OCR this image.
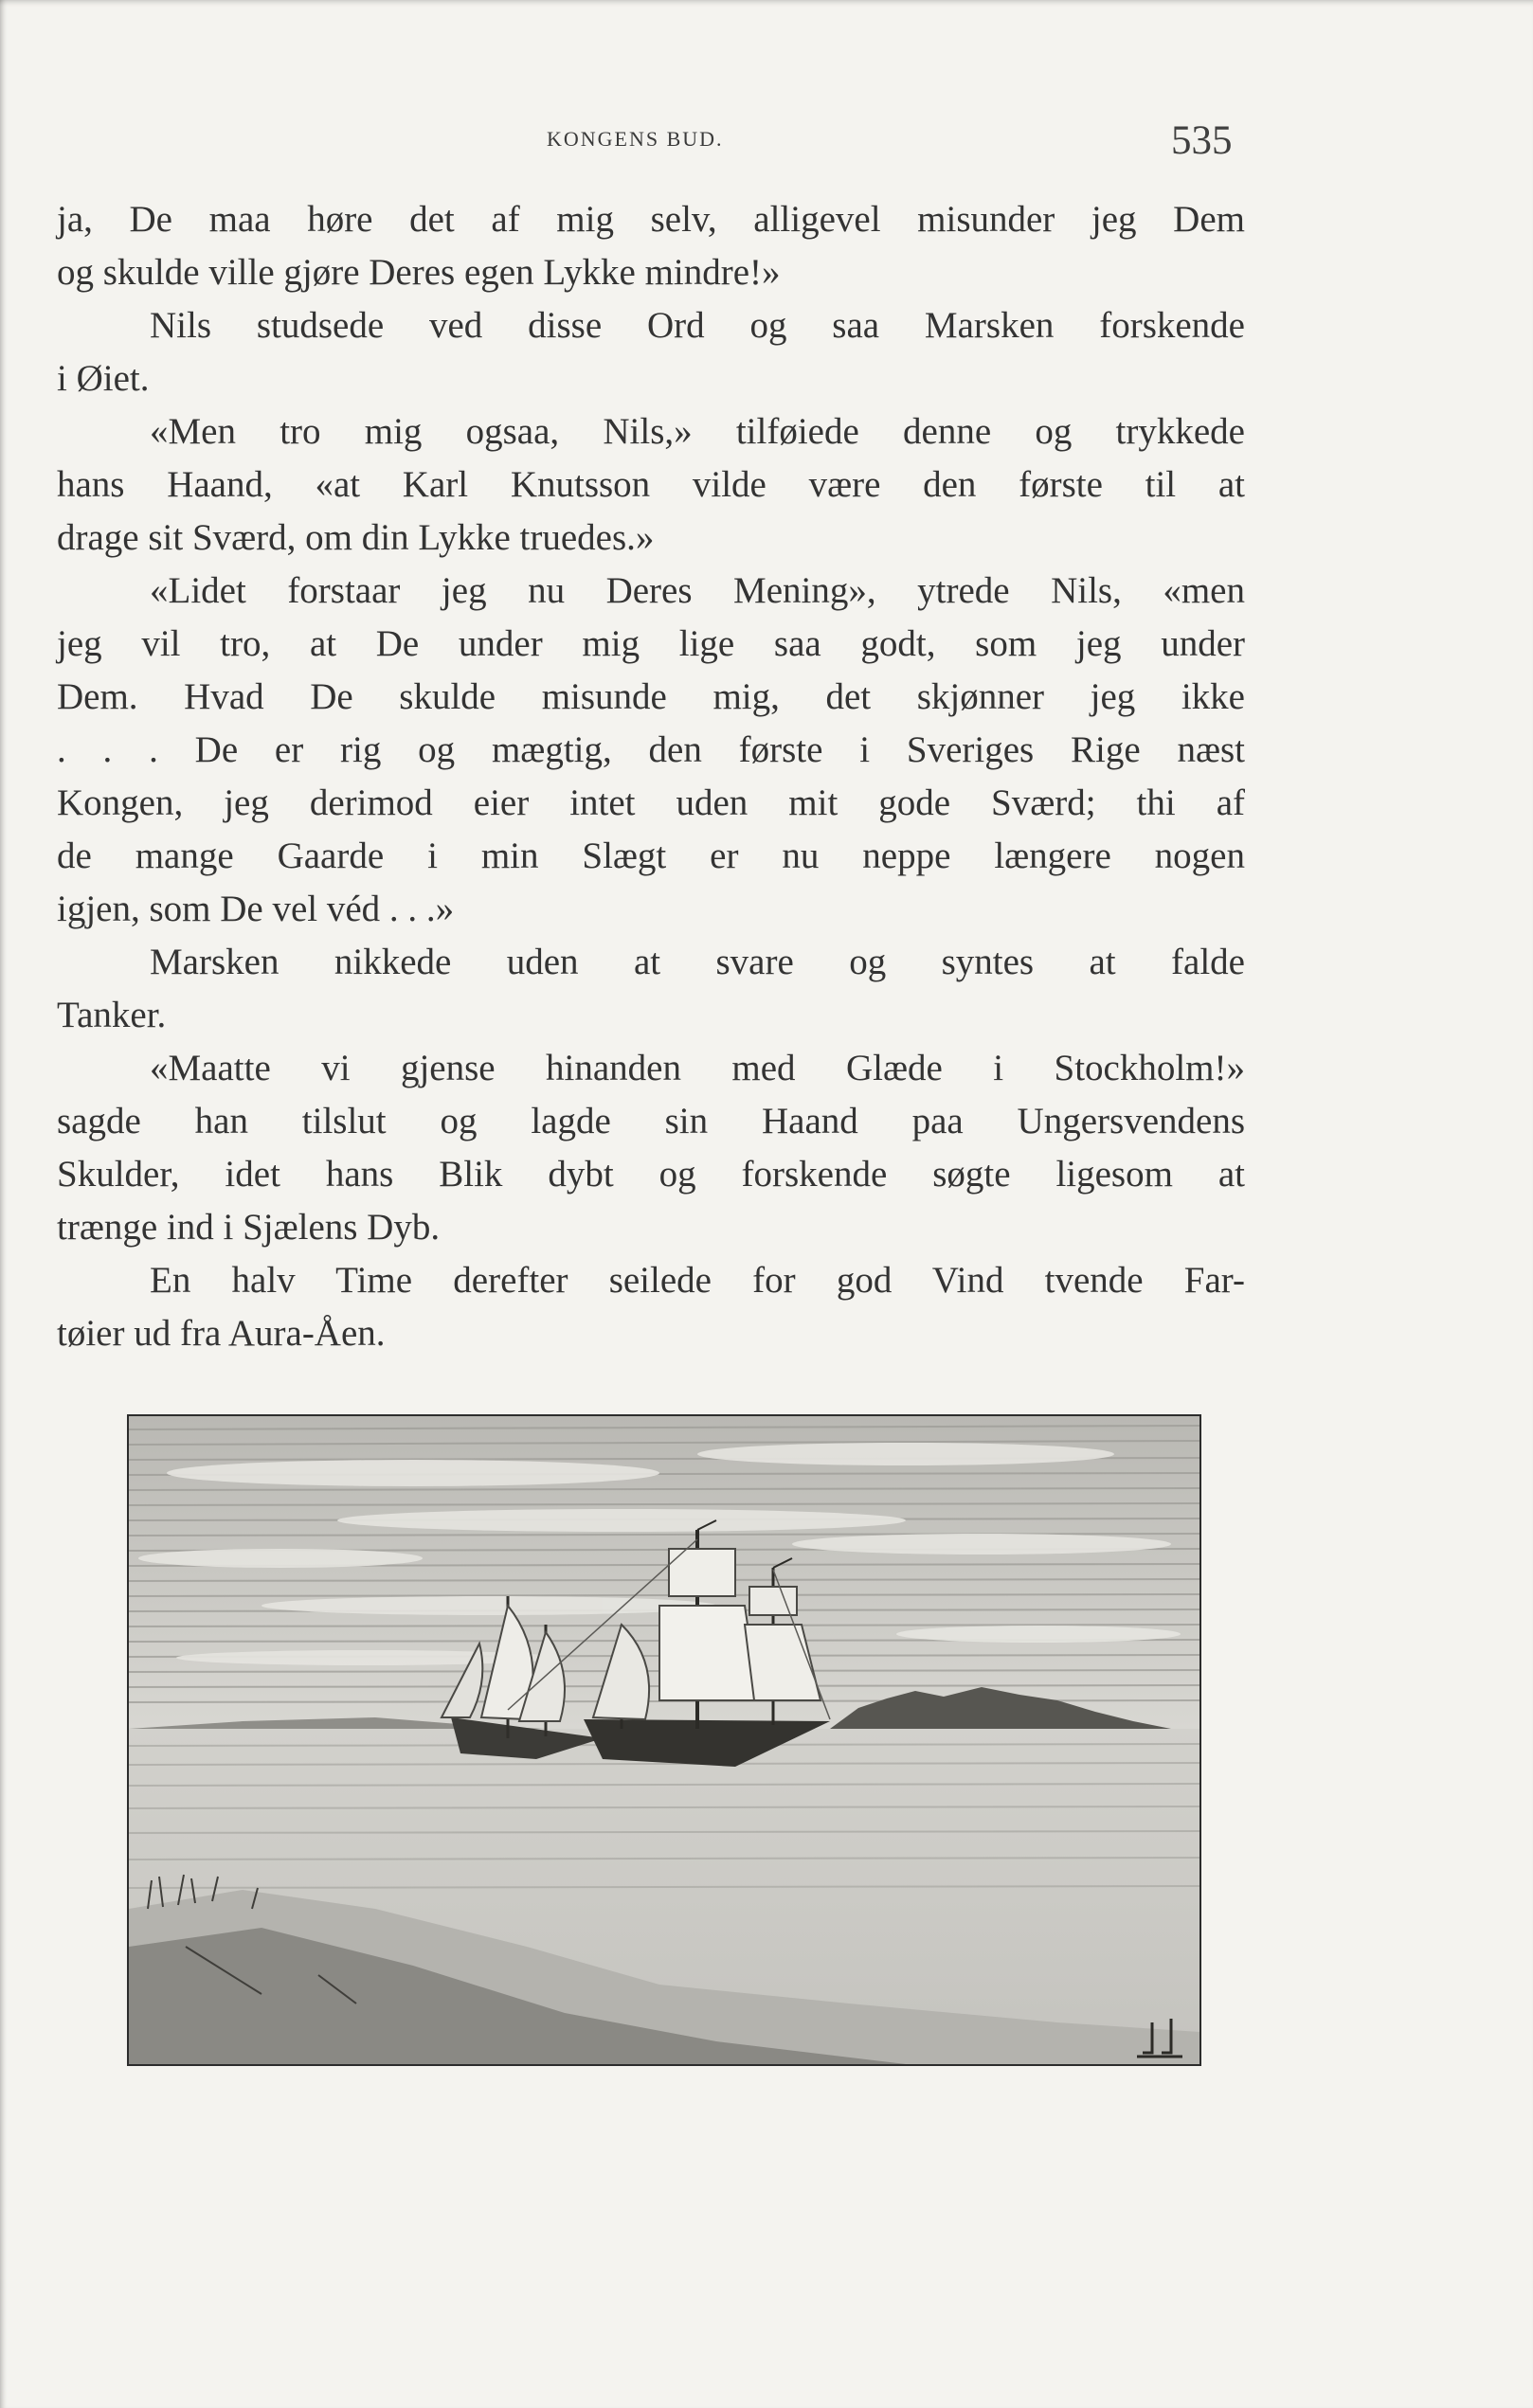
KONGENS BUD.	535
ja, De maa høre det af mig selv, alligevel misunder jeg Dem
og skulde ville gjøre Deres egen Lykke mindre!»
Nils studsede ved disse Ord og saa Marsken forskende
i Øiet.
«Men tro mig ogsaa, Nils,» tilføiede denne og trykkede
hans Haand, «at Karl Knutsson vilde være den første til at
drage sit Sværd, om din Lykke truedes.»
«Lidet forstaar jeg nu Deres Mening», ytrede Nils, «men
jeg vil tro, at De under mig lige saa godt, som jeg under
Dem. Hvad De skulde misunde mig, det skjønner jeg ikke
. . . De er rig og mægtig, den første i Sveriges Rige næst
Kongen, jeg derimod eier intet uden mit gode Sværd; thi af
de mange Gaarde i min Slægt er nu neppe længere nogen
igjen, som De vel véd . . .»
Marsken nikkede uden at svare og syntes at falde
Tanker.
«Maatte vi gjense hinanden med Glæde i Stockholm!»
sagde han tilslut og lagde sin Haand paa Ungersvendens
Skulder, idet hans Blik dybt og forskende søgte ligesom at
trænge ind i Sjælens Dyb.
En halv Time derefter seilede for god Vind tvende Far-
tøier ud fra Aura-Åen.
